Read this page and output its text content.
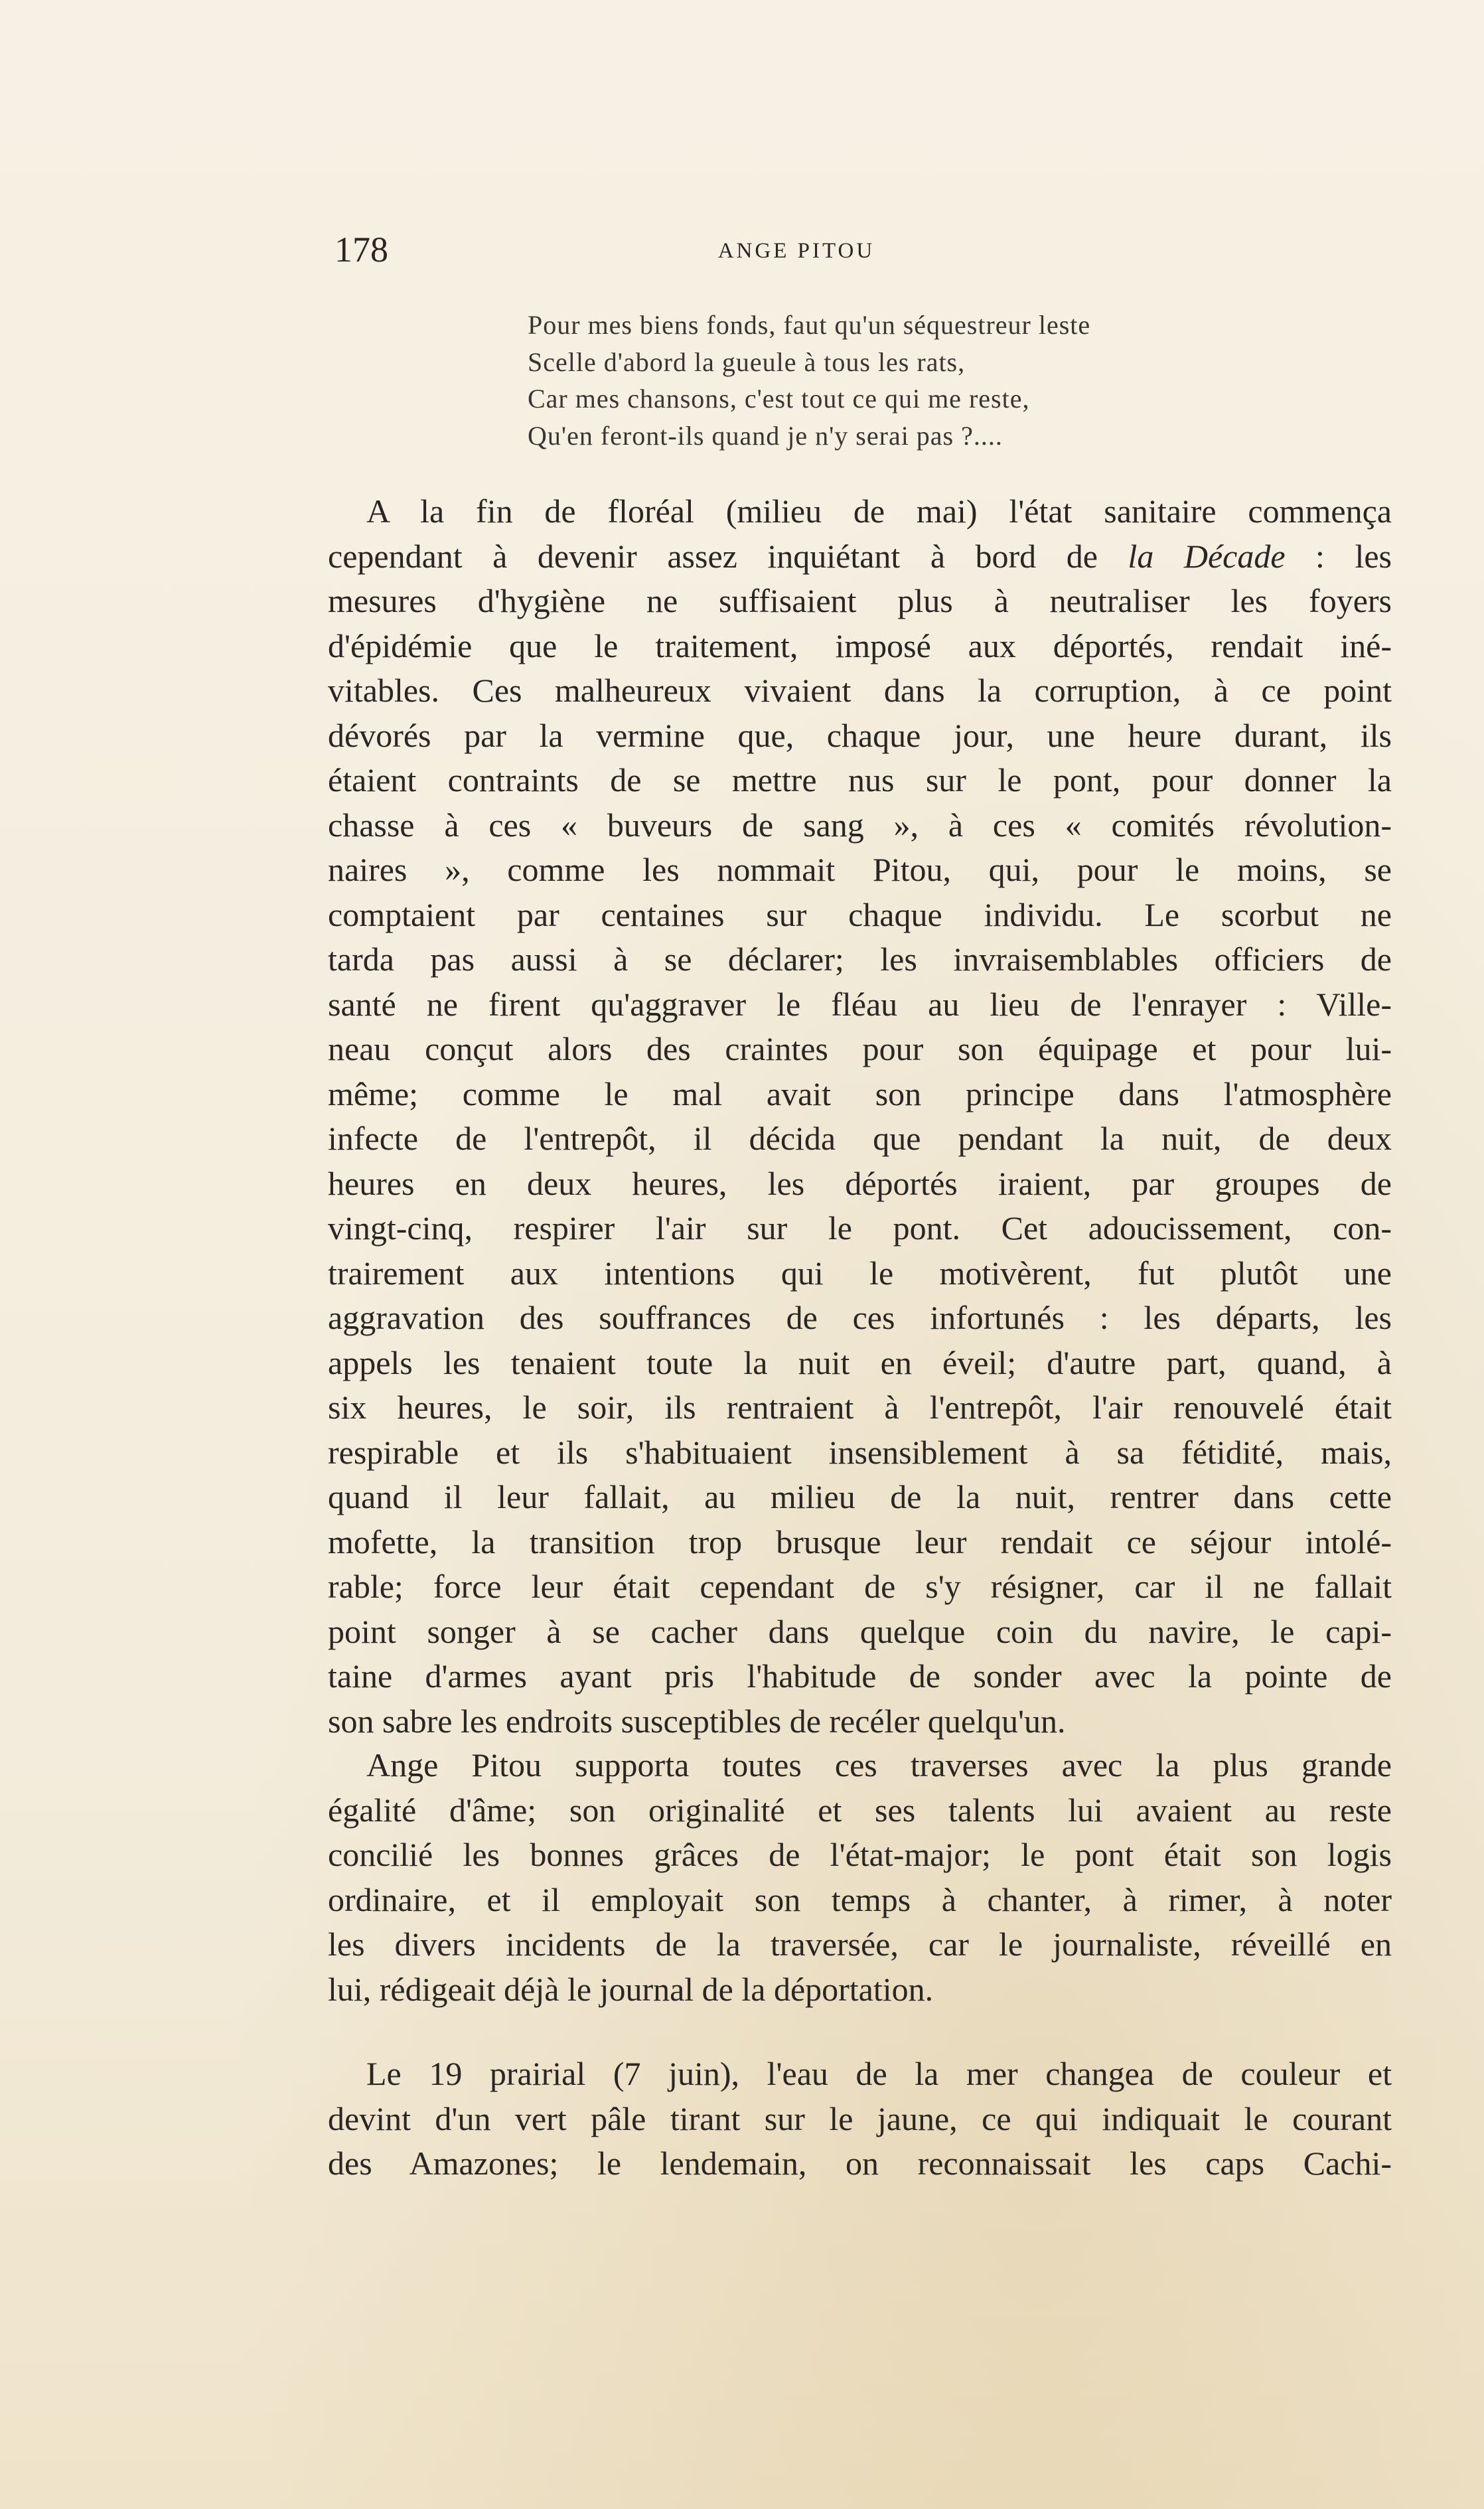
178	ANGE PITOU
Pour mes biens fonds, faut qu'un séquestreur leste
Scelle d'abord la gueule à tous les rats,
Car mes chansons, c'est tout ce qui me reste,
Qu'en feront-ils quand je n'y serai pas ?....
A la fin de floréal (milieu de mai) l'état sanitaire commença
cependant à devenir assez inquiétant à bord de la Décade : les
mesures d'hygiène ne suffisaient plus à neutraliser les foyers
d'épidémie que le traitement, imposé aux déportés, rendait iné-
vitables. Ces malheureux vivaient dans la corruption, à ce point
dévorés par la vermine que, chaque jour, une heure durant, ils
étaient contraints de se mettre nus sur le pont, pour donner la
chasse à ces « buveurs de sang », à ces « comités révolution-
naires », comme les nommait Pitou, qui, pour le moins, se
comptaient par centaines sur chaque individu. Le scorbut ne
tarda pas aussi à se déclarer; les invraisemblables officiers de
santé ne firent qu'aggraver le fléau au lieu de l'enrayer : Ville-
neau conçut alors des craintes pour son équipage et pour lui-
même; comme le mal avait son principe dans l'atmosphère
infecte de l'entrepôt, il décida que pendant la nuit, de deux
heures en deux heures, les déportés iraient, par groupes de
vingt-cinq, respirer l'air sur le pont. Cet adoucissement, con-
trairement aux intentions qui le motivèrent, fut plutôt une
aggravation des souffrances de ces infortunés : les départs, les
appels les tenaient toute la nuit en éveil; d'autre part, quand, à
six heures, le soir, ils rentraient à l'entrepôt, l'air renouvelé était
respirable et ils s'habituaient insensiblement à sa fétidité, mais,
quand il leur fallait, au milieu de la nuit, rentrer dans cette
mofette, la transition trop brusque leur rendait ce séjour intolé-
rable; force leur était cependant de s'y résigner, car il ne fallait
point songer à se cacher dans quelque coin du navire, le capi-
taine d'armes ayant pris l'habitude de sonder avec la pointe de
son sabre les endroits susceptibles de recéler quelqu'un.
Ange Pitou supporta toutes ces traverses avec la plus grande
égalité d'âme; son originalité et ses talents lui avaient au reste
concilié les bonnes grâces de l'état-major; le pont était son logis
ordinaire, et il employait son temps à chanter, à rimer, à noter
les divers incidents de la traversée, car le journaliste, réveillé en
lui, rédigeait déjà le journal de la déportation.
Le 19 prairial (7 juin), l'eau de la mer changea de couleur et
devint d'un vert pâle tirant sur le jaune, ce qui indiquait le courant
des Amazones; le lendemain, on reconnaissait les caps Cachi-
